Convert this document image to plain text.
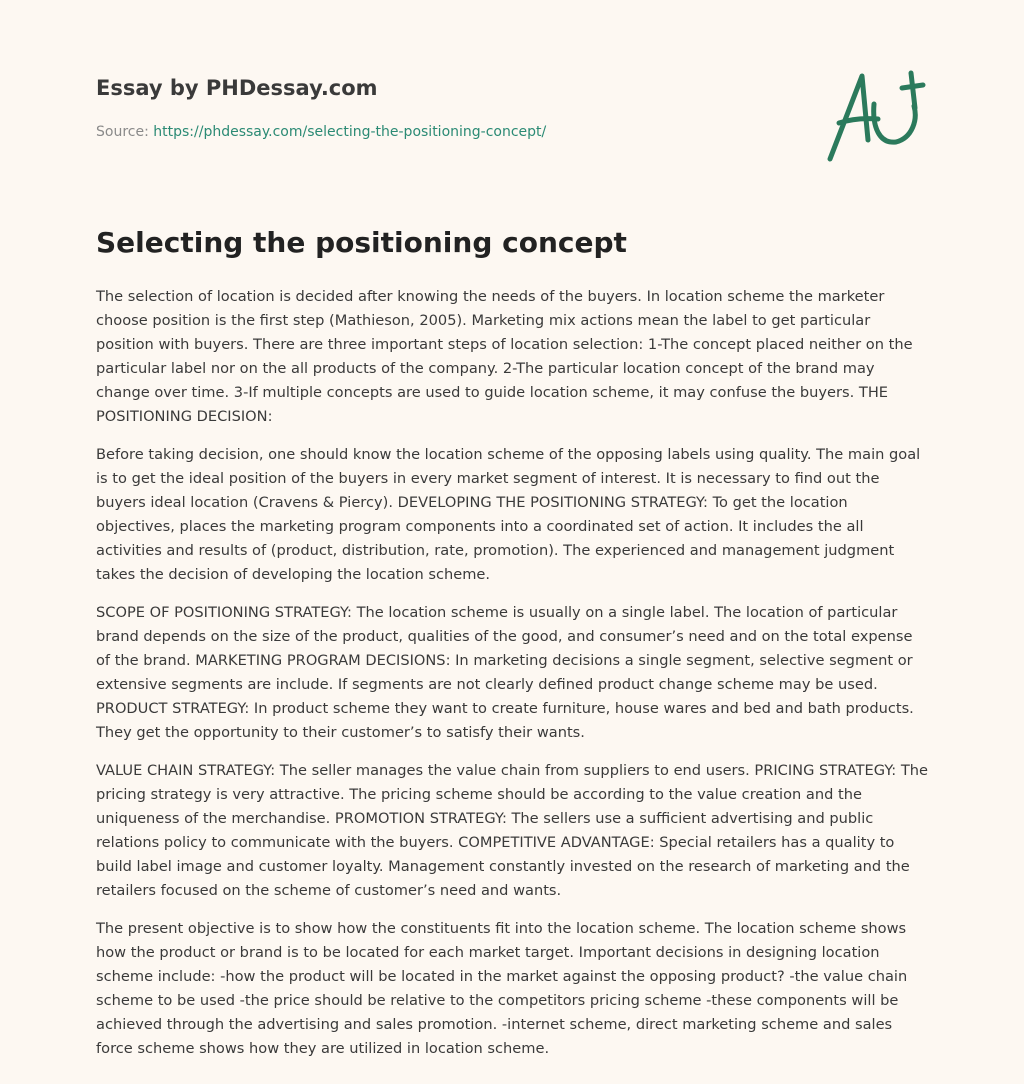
Essay by PHDessay.com
Source: https://phdessay.com/selecting-the-positioning-concept/
Selecting the positioning concept

The selection of location is decided after knowing the needs of the buyers. In location scheme the marketer choose position is the first step (Mathieson, 2005). Marketing mix actions mean the label to get particular position with buyers. There are three important steps of location selection: 1-The concept placed neither on the particular label nor on the all products of the company. 2-The particular location concept of the brand may change over time. 3-If multiple concepts are used to guide location scheme, it may confuse the buyers. THE POSITIONING DECISION:

Before taking decision, one should know the location scheme of the opposing labels using quality. The main goal is to get the ideal position of the buyers in every market segment of interest. It is necessary to find out the buyers ideal location (Cravens & Piercy). DEVELOPING THE POSITIONING STRATEGY: To get the location objectives, places the marketing program components into a coordinated set of action. It includes the all activities and results of (product, distribution, rate, promotion). The experienced and management judgment takes the decision of developing the location scheme.

SCOPE OF POSITIONING STRATEGY: The location scheme is usually on a single label. The location of particular brand depends on the size of the product, qualities of the good, and consumer’s need and on the total expense of the brand. MARKETING PROGRAM DECISIONS: In marketing decisions a single segment, selective segment or extensive segments are include. If segments are not clearly defined product change scheme may be used. PRODUCT STRATEGY: In product scheme they want to create furniture, house wares and bed and bath products. They get the opportunity to their customer’s to satisfy their wants.

VALUE CHAIN STRATEGY: The seller manages the value chain from suppliers to end users. PRICING STRATEGY: The pricing strategy is very attractive. The pricing scheme should be according to the value creation and the uniqueness of the merchandise. PROMOTION STRATEGY: The sellers use a sufficient advertising and public relations policy to communicate with the buyers. COMPETITIVE ADVANTAGE: Special retailers has a quality to build label image and customer loyalty. Management constantly invested on the research of marketing and the retailers focused on the scheme of customer’s need and wants.

The present objective is to show how the constituents fit into the location scheme. The location scheme shows how the product or brand is to be located for each market target. Important decisions in designing location scheme include: -how the product will be located in the market against the opposing product? -the value chain scheme to be used -the price should be relative to the competitors pricing scheme -these components will be achieved through the advertising and sales promotion. -internet scheme, direct marketing scheme and sales force scheme shows how they are utilized in location scheme.
